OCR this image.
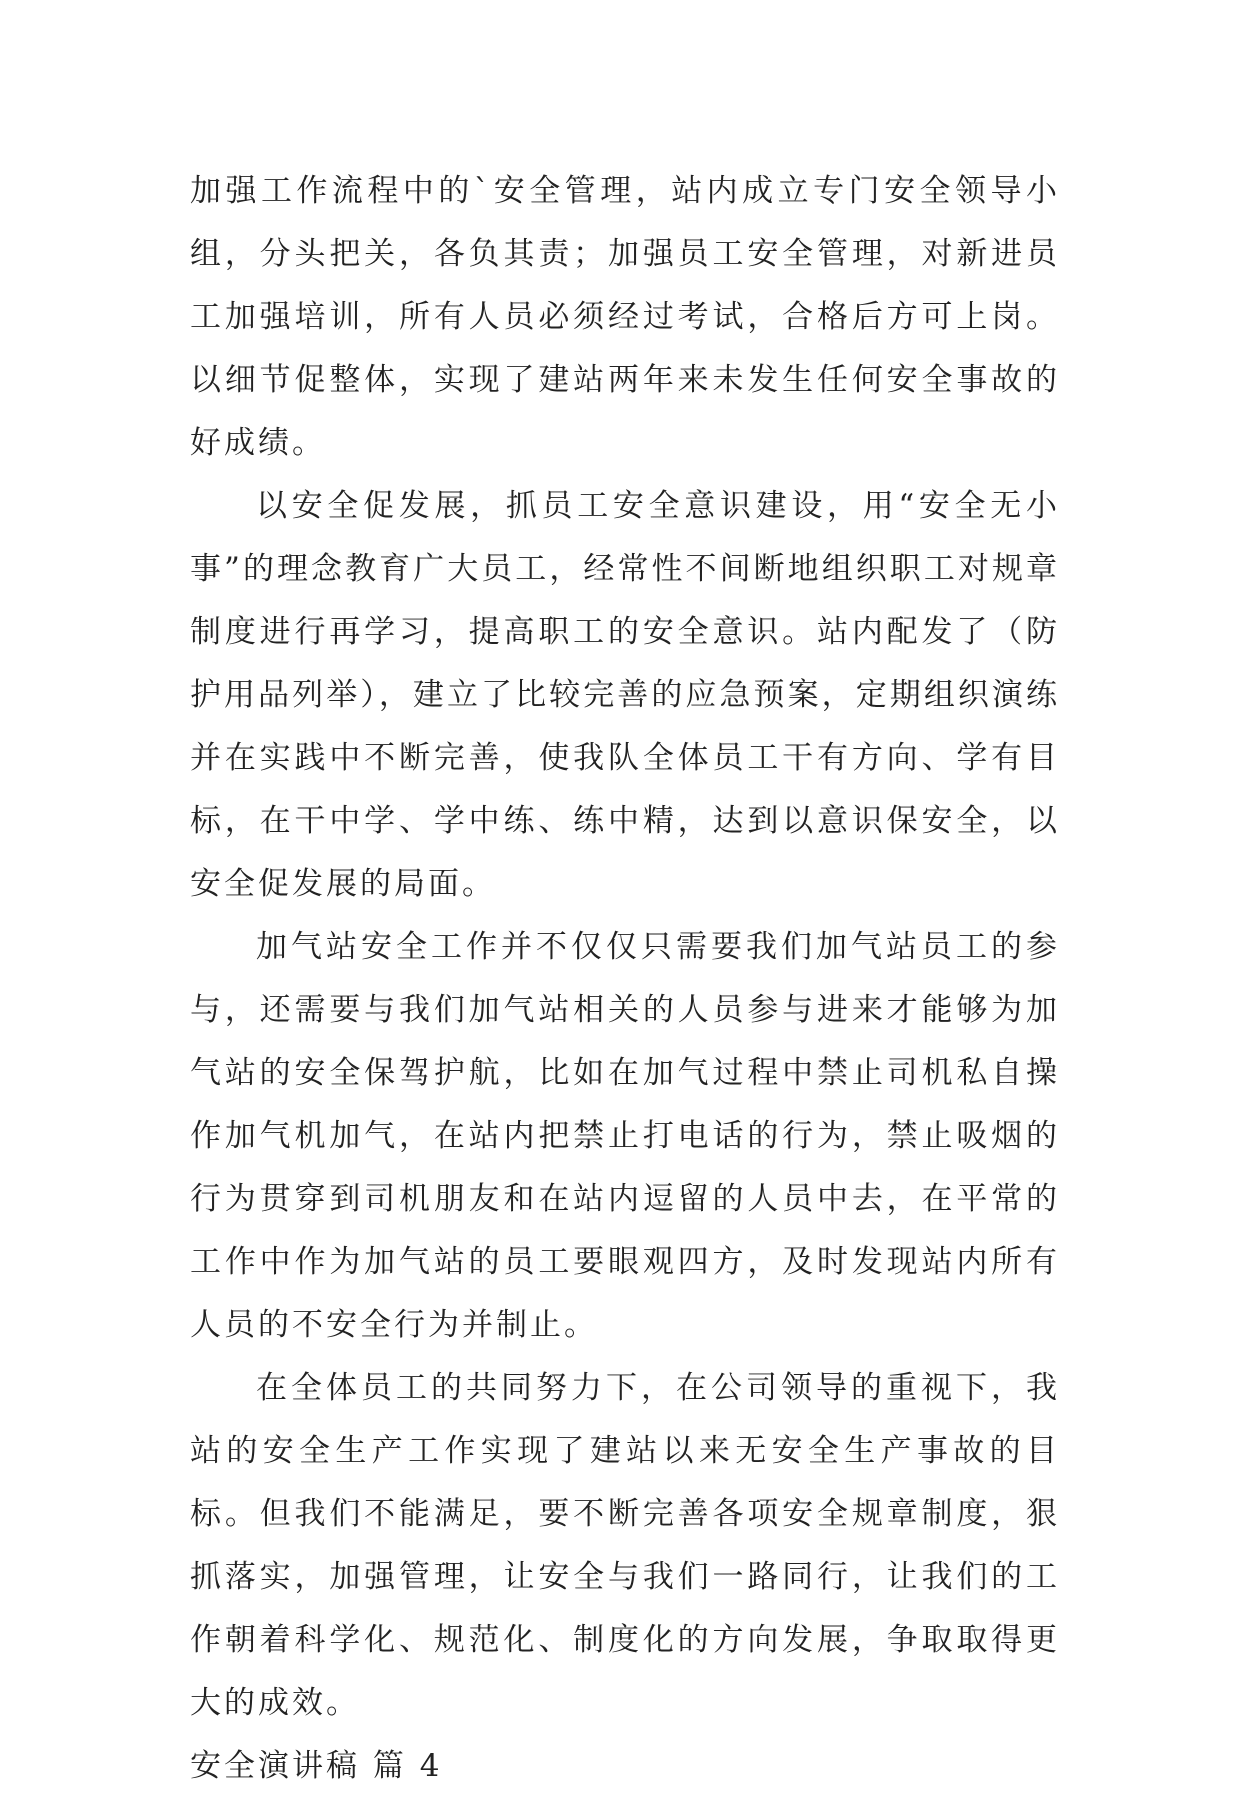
加强工作流程中的`安全管理，站内成立专门安全领导小组，分头把关，各负其责；加强员工安全管理，对新进员工加强培训，所有人员必须经过考试，合格后方可上岗。以细节促整体，实现了建站两年来未发生任何安全事故的好成绩。

以安全促发展，抓员工安全意识建设，用“安全无小事”的理念教育广大员工，经常性不间断地组织职工对规章制度进行再学习，提高职工的安全意识。站内配发了（防护用品列举），建立了比较完善的应急预案，定期组织演练并在实践中不断完善，使我队全体员工干有方向、学有目标，在干中学、学中练、练中精，达到以意识保安全，以安全促发展的局面。

加气站安全工作并不仅仅只需要我们加气站员工的参与，还需要与我们加气站相关的人员参与进来才能够为加气站的安全保驾护航，比如在加气过程中禁止司机私自操作加气机加气，在站内把禁止打电话的行为，禁止吸烟的行为贯穿到司机朋友和在站内逗留的人员中去，在平常的工作中作为加气站的员工要眼观四方，及时发现站内所有人员的不安全行为并制止。

在全体员工的共同努力下，在公司领导的重视下，我站的安全生产工作实现了建站以来无安全生产事故的目标。但我们不能满足，要不断完善各项安全规章制度，狠抓落实，加强管理，让安全与我们一路同行，让我们的工作朝着科学化、规范化、制度化的方向发展，争取取得更大的成效。

安全演讲稿 篇 4
